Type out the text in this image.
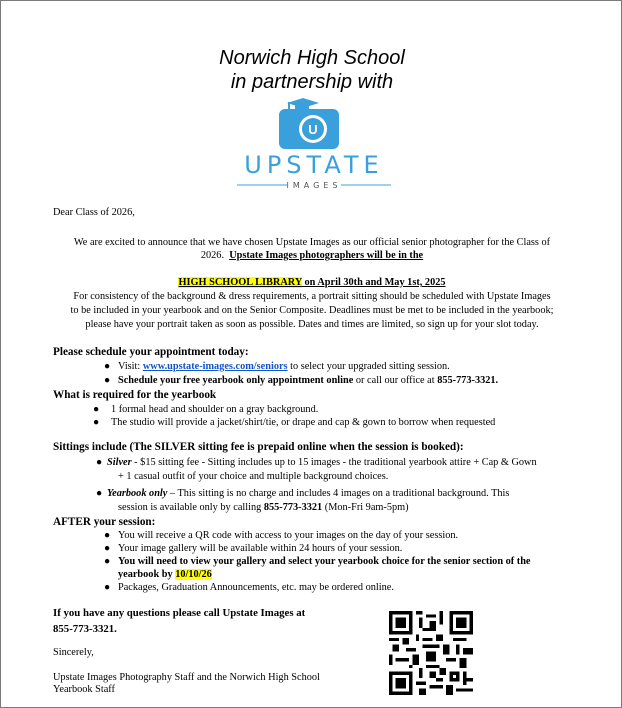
Norwich High School
in partnership with
U
UPSTATE
IMAGES
Dear Class of 2026,
We are excited to announce that we have chosen Upstate Images as our official senior photographer for the Class of
2026. Upstate Images photographers will be in the
HIGH SCHOOL LIBRARY on April 30th and May 1st, 2025
For consistency of the background & dress requirements, a portrait sitting should be scheduled with Upstate Images
to be included in your yearbook and on the Senior Composite. Deadlines must be met to be included in the yearbook;
please have your portrait taken as soon as possible. Dates and times are limited, so sign up for your slot today.
Please schedule your appointment today:
● Visit: www.upstate-images.com/seniors to select your upgraded sitting session.
● Schedule your free yearbook only appointment online or call our office at 855-773-3321.
What is required for the yearbook
● 1 formal head and shoulder on a gray background.
● The studio will provide a jacket/shirt/tie, or drape and cap & gown to borrow when requested
Sittings include (The SILVER sitting fee is prepaid online when the session is booked):
● Silver - $15 sitting fee - Sitting includes up to 15 images - the traditional yearbook attire + Cap & Gown
+ 1 casual outfit of your choice and multiple background choices.
● Yearbook only – This sitting is no charge and includes 4 images on a traditional background. This
session is available only by calling 855-773-3321 (Mon-Fri 9am-5pm)
AFTER your session:
● You will receive a QR code with access to your images on the day of your session.
● Your image gallery will be available within 24 hours of your session.
● You will need to view your gallery and select your yearbook choice for the senior section of the
yearbook by 10/10/26
● Packages, Graduation Announcements, etc. may be ordered online.
If you have any questions please call Upstate Images at
855-773-3321.
Sincerely,
Upstate Images Photography Staff and the Norwich High School
Yearbook Staff
